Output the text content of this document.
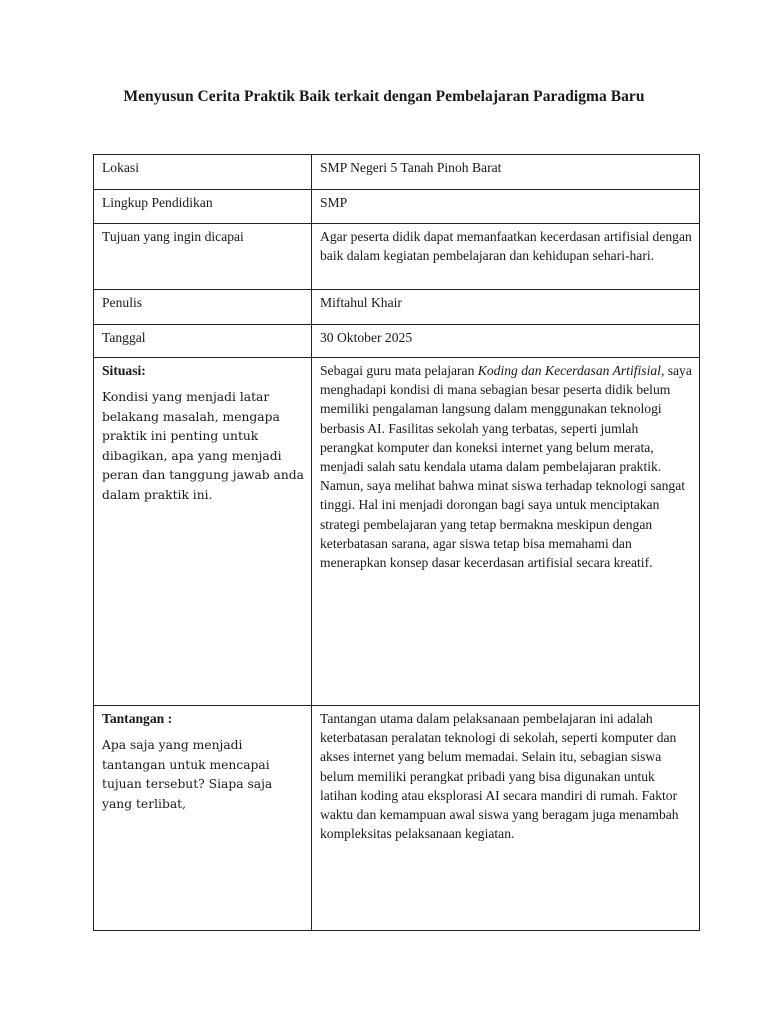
Menyusun Cerita Praktik Baik terkait dengan Pembelajaran Paradigma Baru
Lokasi	SMP Negeri 5 Tanah Pinoh Barat
Lingkup Pendidikan	SMP
Tujuan yang ingin dicapai	Agar peserta didik dapat memanfaatkan kecerdasan artifisial dengan baik dalam kegiatan pembelajaran dan kehidupan sehari-hari.
Penulis	Miftahul Khair
Tanggal	30 Oktober 2025

Situasi:
Kondisi yang menjadi latar belakang masalah, mengapa praktik ini penting untuk dibagikan, apa yang menjadi peran dan tanggung jawab anda dalam praktik ini.	Sebagai guru mata pelajaran Koding dan Kecerdasan Artifisial, saya menghadapi kondisi di mana sebagian besar peserta didik belum memiliki pengalaman langsung dalam menggunakan teknologi berbasis AI. Fasilitas sekolah yang terbatas, seperti jumlah perangkat komputer dan koneksi internet yang belum merata, menjadi salah satu kendala utama dalam pembelajaran praktik. Namun, saya melihat bahwa minat siswa terhadap teknologi sangat tinggi. Hal ini menjadi dorongan bagi saya untuk menciptakan strategi pembelajaran yang tetap bermakna meskipun dengan keterbatasan sarana, agar siswa tetap bisa memahami dan menerapkan konsep dasar kecerdasan artifisial secara kreatif.

Tantangan :
Apa saja yang menjadi tantangan untuk mencapai tujuan tersebut? Siapa saja yang terlibat,	Tantangan utama dalam pelaksanaan pembelajaran ini adalah keterbatasan peralatan teknologi di sekolah, seperti komputer dan akses internet yang belum memadai. Selain itu, sebagian siswa belum memiliki perangkat pribadi yang bisa digunakan untuk latihan koding atau eksplorasi AI secara mandiri di rumah. Faktor waktu dan kemampuan awal siswa yang beragam juga menambah kompleksitas pelaksanaan kegiatan.
